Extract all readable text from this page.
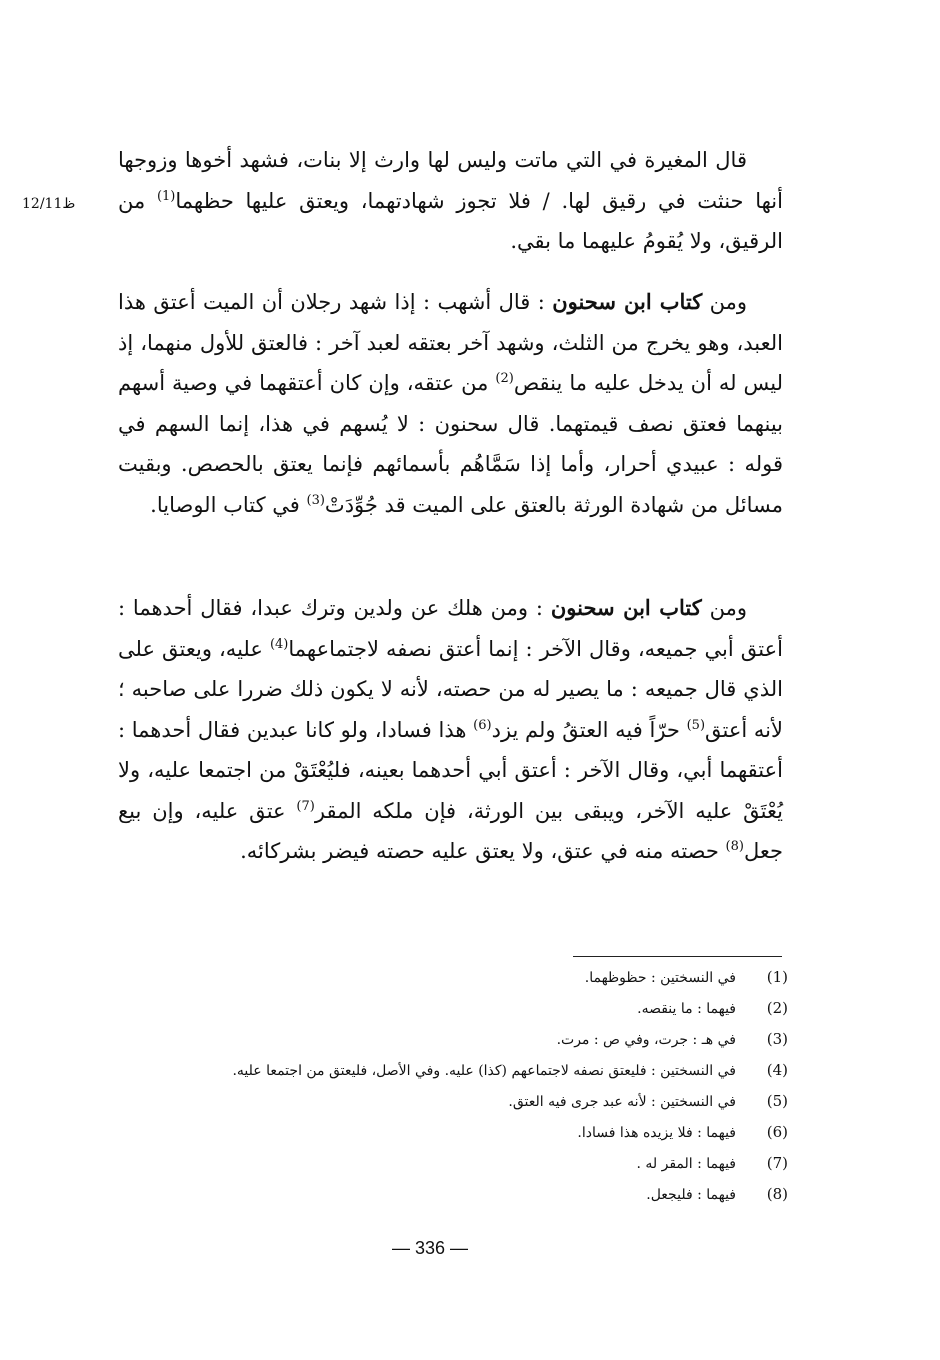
12/11ظ

قال المغيرة في التي ماتت وليس لها وارث إلا بنات، فشهد أخوها وزوجها أنها حنثت في رقيق لها. / فلا تجوز شهادتهما، ويعتق عليها حظهما$^{(1)}$ من الرقيق، ولا يُقومُ عليهما ما بقي.

ومن كتاب ابن سحنون : قال أشهب : إذا شهد رجلان أن الميت أعتق هذا العبد، وهو يخرج من الثلث، وشهد آخر بعتقه لعبد آخر : فالعتق للأول منهما، إذ ليس له أن يدخل عليه ما ينقص$^{(2)}$ من عتقه، وإن كان أعتقهما في وصية أسهم بينهما فعتق نصف قيمتهما. قال سحنون : لا يُسهم في هذا، إنما السهم في قوله : عبيدي أحرار، وأما إذا سَمَّاهُم بأسمائهم فإنما يعتق بالحصص. وبقيت مسائل من شهادة الورثة بالعتق على الميت قد جُوِّدَتْ$^{(3)}$ في كتاب الوصايا.

ومن كتاب ابن سحنون : ومن هلك عن ولدين وترك عبدا، فقال أحدهما : أعتق أبي جميعه، وقال الآخر : إنما أعتق نصفه لاجتماعهما$^{(4)}$ عليه، ويعتق على الذي قال جميعه : ما يصير له من حصته، لأنه لا يكون ذلك ضررا على صاحبه ؛ لأنه أعتق$^{(5)}$ حرّاً فيه العتقُ ولم يزد$^{(6)}$ هذا فسادا، ولو كانا عبدين فقال أحدهما : أعتقهما أبي، وقال الآخر : أعتق أبي أحدهما بعينه، فليُعْتَقْ من اجتمعا عليه، ولا يُعْتَقْ عليه الآخر، ويبقى بين الورثة، فإن ملكه المقر$^{(7)}$ عتق عليه، وإن بيع جعل$^{(8)}$ حصته منه في عتق، ولا يعتق عليه حصته فيضر بشركائه.

(1)في النسختين : حظوظهما.
(2)فيهما : ما ينقصه.
(3)في هـ : جرت، وفي ص : مرت.
(4)في النسختين : فليعتق نصفه لاجتماعهم (كذا) عليه. وفي الأصل، فليعتق من اجتمعا عليه.
(5)في النسختين : لأنه عبد جرى فيه العتق.
(6)فيهما : فلا يزيده هذا فسادا.
(7)فيهما : المقر له .
(8)فيهما : فليجعل.
— 336 —
